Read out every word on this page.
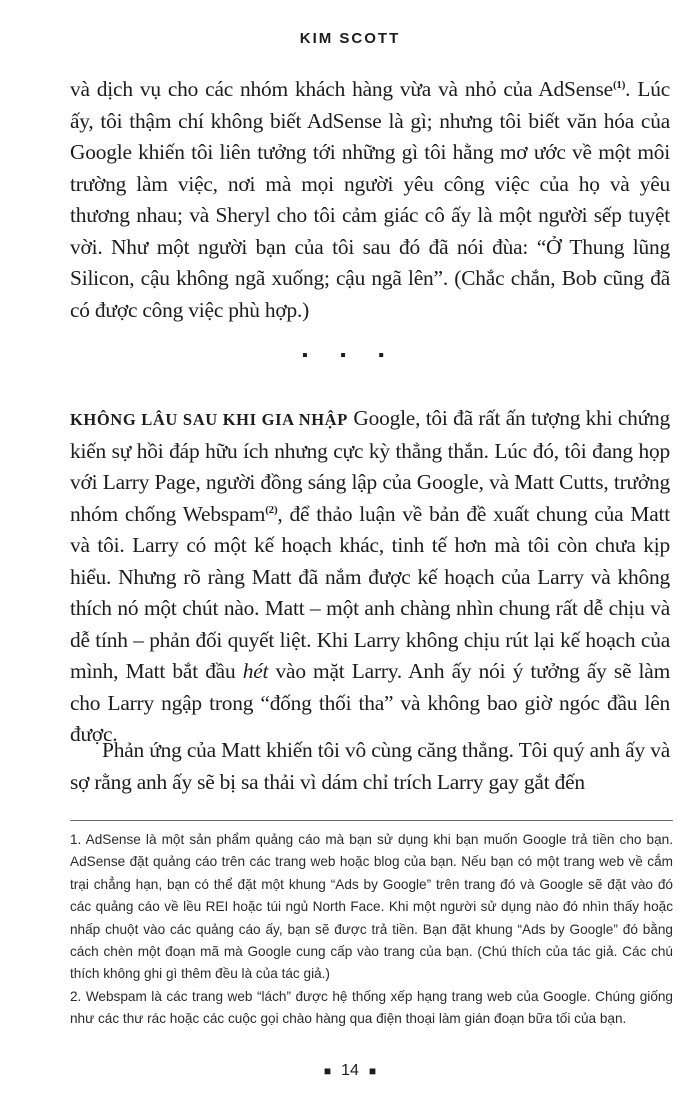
KIM SCOTT

và dịch vụ cho các nhóm khách hàng vừa và nhỏ của AdSense$^{(1)}$. Lúc ấy, tôi thậm chí không biết AdSense là gì; nhưng tôi biết văn hóa của Google khiến tôi liên tưởng tới những gì tôi hằng mơ ước về một môi trường làm việc, nơi mà mọi người yêu công việc của họ và yêu thương nhau; và Sheryl cho tôi cảm giác cô ấy là một người sếp tuyệt vời. Như một người bạn của tôi sau đó đã nói đùa: “Ở Thung lũng Silicon, cậu không ngã xuống; cậu ngã lên”. (Chắc chắn, Bob cũng đã có được công việc phù hợp.)

▪ ▪ ▪

KHÔNG LÂU SAU KHI GIA NHẬP Google, tôi đã rất ấn tượng khi chứng kiến sự hồi đáp hữu ích nhưng cực kỳ thẳng thắn. Lúc đó, tôi đang họp với Larry Page, người đồng sáng lập của Google, và Matt Cutts, trưởng nhóm chống Webspam$^{(2)}$, để thảo luận về bản đề xuất chung của Matt và tôi. Larry có một kế hoạch khác, tinh tế hơn mà tôi còn chưa kịp hiểu. Nhưng rõ ràng Matt đã nắm được kế hoạch của Larry và không thích nó một chút nào. Matt – một anh chàng nhìn chung rất dễ chịu và dễ tính – phản đối quyết liệt. Khi Larry không chịu rút lại kế hoạch của mình, Matt bắt đầu hét vào mặt Larry. Anh ấy nói ý tưởng ấy sẽ làm cho Larry ngập trong “đống thối tha” và không bao giờ ngóc đầu lên được.

Phản ứng của Matt khiến tôi vô cùng căng thẳng. Tôi quý anh ấy và sợ rằng anh ấy sẽ bị sa thải vì dám chỉ trích Larry gay gắt đến

1. AdSense là một sản phẩm quảng cáo mà bạn sử dụng khi bạn muốn Google trả tiền cho bạn. AdSense đặt quảng cáo trên các trang web hoặc blog của bạn. Nếu bạn có một trang web về cắm trại chẳng hạn, bạn có thể đặt một khung “Ads by Google” trên trang đó và Google sẽ đặt vào đó các quảng cáo về lều REI hoặc túi ngủ North Face. Khi một người sử dụng nào đó nhìn thấy hoặc nhấp chuột vào các quảng cáo ấy, bạn sẽ được trả tiền. Bạn đặt khung “Ads by Google” đó bằng cách chèn một đoạn mã mà Google cung cấp vào trang của bạn. (Chú thích của tác giả. Các chú thích không ghi gì thêm đều là của tác giả.)

2. Webspam là các trang web “lách” được hệ thống xếp hạng trang web của Google. Chúng giống như các thư rác hoặc các cuộc gọi chào hàng qua điện thoại làm gián đoạn bữa tối của bạn.

■ 14 ■
